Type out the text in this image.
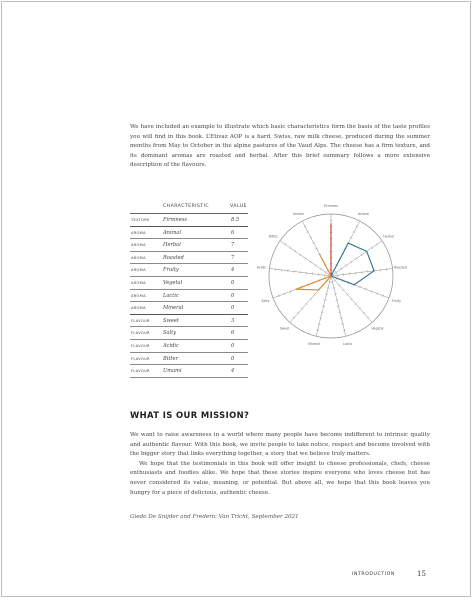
We have included an example to illustrate which basic characteristics form the basis of the taste profiles you will find in this book. L’Etivaz AOP is a hard, Swiss, raw milk cheese, produced during the summer months from May to October in the alpine pastures of the Vaud Alps. The cheese has a firm texture, and its dominant aromas are roasted and herbal. After this brief summary follows a more extensive description of the flavours.

CHARACTERISTIC	VALUE
TEXTURE	Firmness	8.5
AROMA	Animal	6
AROMA	Herbal	7
AROMA	Roasted	7
AROMA	Fruity	4
AROMA	Vegetal	0
AROMA	Lactic	0
AROMA	Mineral	0
FLAVOUR	Sweet	3
FLAVOUR	Salty	6
FLAVOUR	Acidic	0
FLAVOUR	Bitter	0
FLAVOUR	Umami	4
Firmness
Animal
Herbal
Roasted
Fruity
Vegetal
Lactic
Mineral
Sweet
Salty
Acidic
Bitter
Umami
WHAT IS OUR MISSION?

We want to raise awareness in a world where many people have become indifferent to intrinsic quality and authentic flavour. With this book, we invite people to take notice, respect and become involved with the bigger story that links everything together, a story that we believe truly matters.

We hope that the testimonials in this book will offer insight to cheese professionals, chefs, cheese enthusiasts and foodies alike. We hope that these stories inspire everyone who loves cheese but has never considered its value, meaning, or potential. But above all, we hope that this book leaves you hungry for a piece of delicious, authentic cheese.

Giedo De Snijder and Frederic Van Tricht, September 2021

INTRODUCTION	15
